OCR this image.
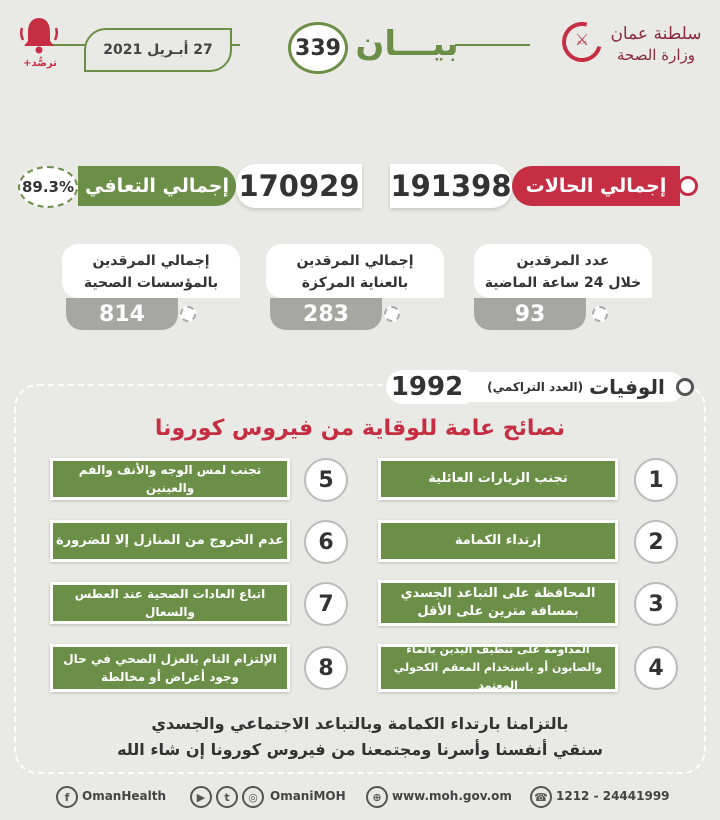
27 أبـريل 2021	339 بيـــان	⚔ سلطنة عمان
وزارة الصحة
ترصُّد+
89.3% إجمالي التعافي 170929 191398 إجمالي الحالات
عدد المرقدين
خلال 24 ساعة الماضية
93
إجمالي المرقدين
بالعناية المركزة
283
إجمالي المرقدين
بالمؤسسات الصحية
814
1992	الوفيات
(العدد التراكمي)
نصائح عامة للوقاية من فيروس كورونا
تجنب الزيارات العائلية	1
إرتداء الكمامة	2
المحافظة على التباعد الجسدي بمسافة مترين على الأقل	3
المداومة على تنظيف اليدين بالماء والصابون أو باستخدام المعقم الكحولي المعتمد
4
تجنب لمس الوجه والأنف والفم والعينين	5
عدم الخروج من المنازل إلا للضرورة	6
اتباع العادات الصحية عند العطس والسعال	7
الإلتزام التام بالعزل الصحي في حال وجود أعراض أو مخالطة	8
بالتزامنا بارتداء الكمامة وبالتباعد الاجتماعي والجسدي
سنقي أنفسنا وأسرنا ومجتمعنا من فيروس كورونا إن شاء الله
f	OmanHealth	▶	t	◎	OmaniMOH	⊕ www.moh.gov.om	☎ 1212 - 24441999
